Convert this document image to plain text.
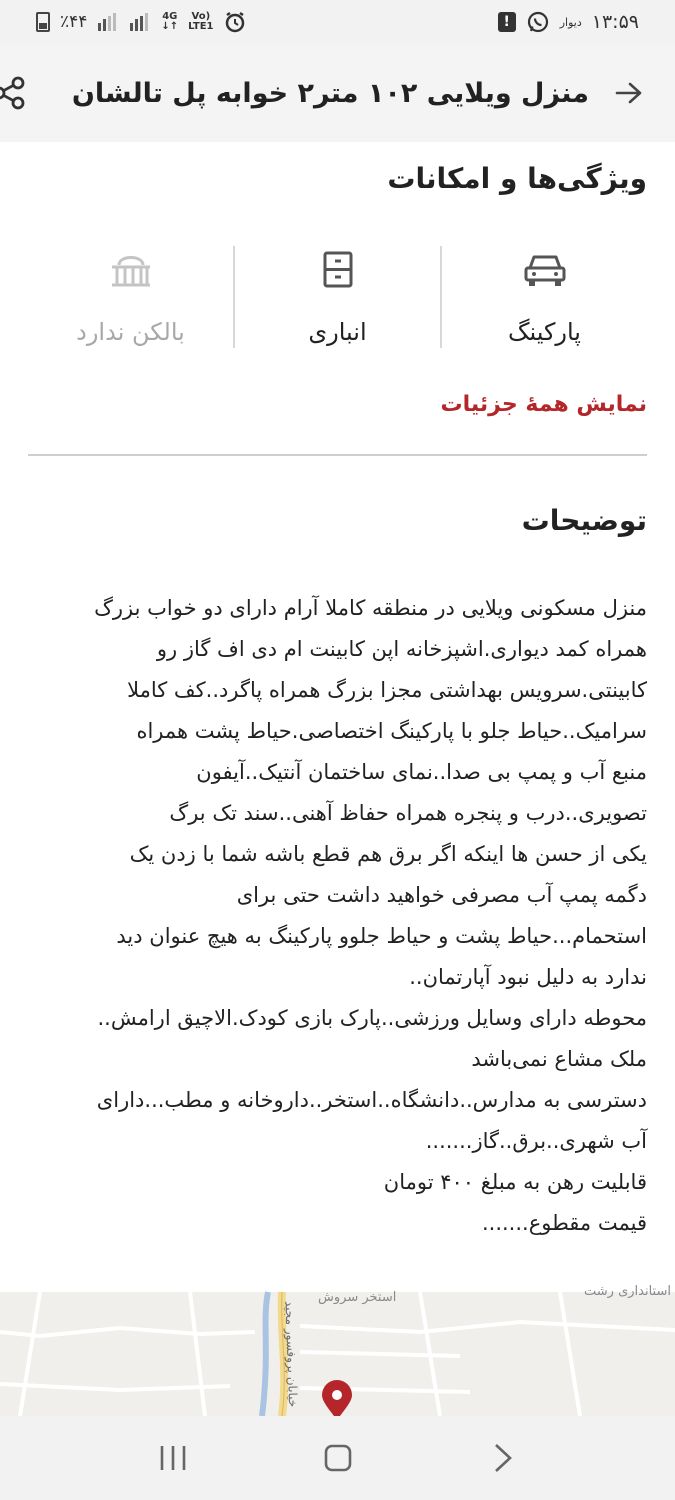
٪۴۴	4G
↓↑
Vo)
LTE1	!	دیوار ۱۳:۵۹
منزل ویلایی ۱۰۲ متر۲ خوابه پل تالشان
ویژگی‌ها و امکانات
پارکینگ
انباری
بالکن ندارد
نمایش همهٔ جزئیات
توضیحات
منزل مسکونی ویلایی در منطقه کاملا آرام دارای دو خواب بزرگ
همراه کمد دیواری.اشپزخانه اپن کابینت ام دی اف گاز رو
کابینتی.سرویس بهداشتی مجزا بزرگ همراه پاگرد..کف کاملا
سرامیک..حیاط جلو با پارکینگ اختصاصی.حیاط پشت همراه
منبع آب و پمپ بی صدا..نمای ساختمان آنتیک..آیفون
تصویری..درب و پنجره همراه حفاظ آهنی..سند تک برگ
یکی از حسن ها اینکه اگر برق هم قطع باشه شما با زدن یک
دگمه پمپ آب مصرفی خواهید داشت حتی برای
استحمام...حیاط پشت و حیاط جلوو پارکینگ به هیچ عنوان دید
ندارد به دلیل نبود آپارتمان..
محوطه دارای وسایل ورزشی..پارک بازی کودک.الاچیق ارامش..
ملک مشاع نمی‌باشد
دسترسی به مدارس..دانشگاه..استخر..داروخانه و مطب...دارای
آب شهری..برق..گاز.......
قابلیت رهن به مبلغ ۴۰۰ تومان
قیمت مقطوع.......
استخر سروش	استانداری رشت
خیابان پروفسور مجید
